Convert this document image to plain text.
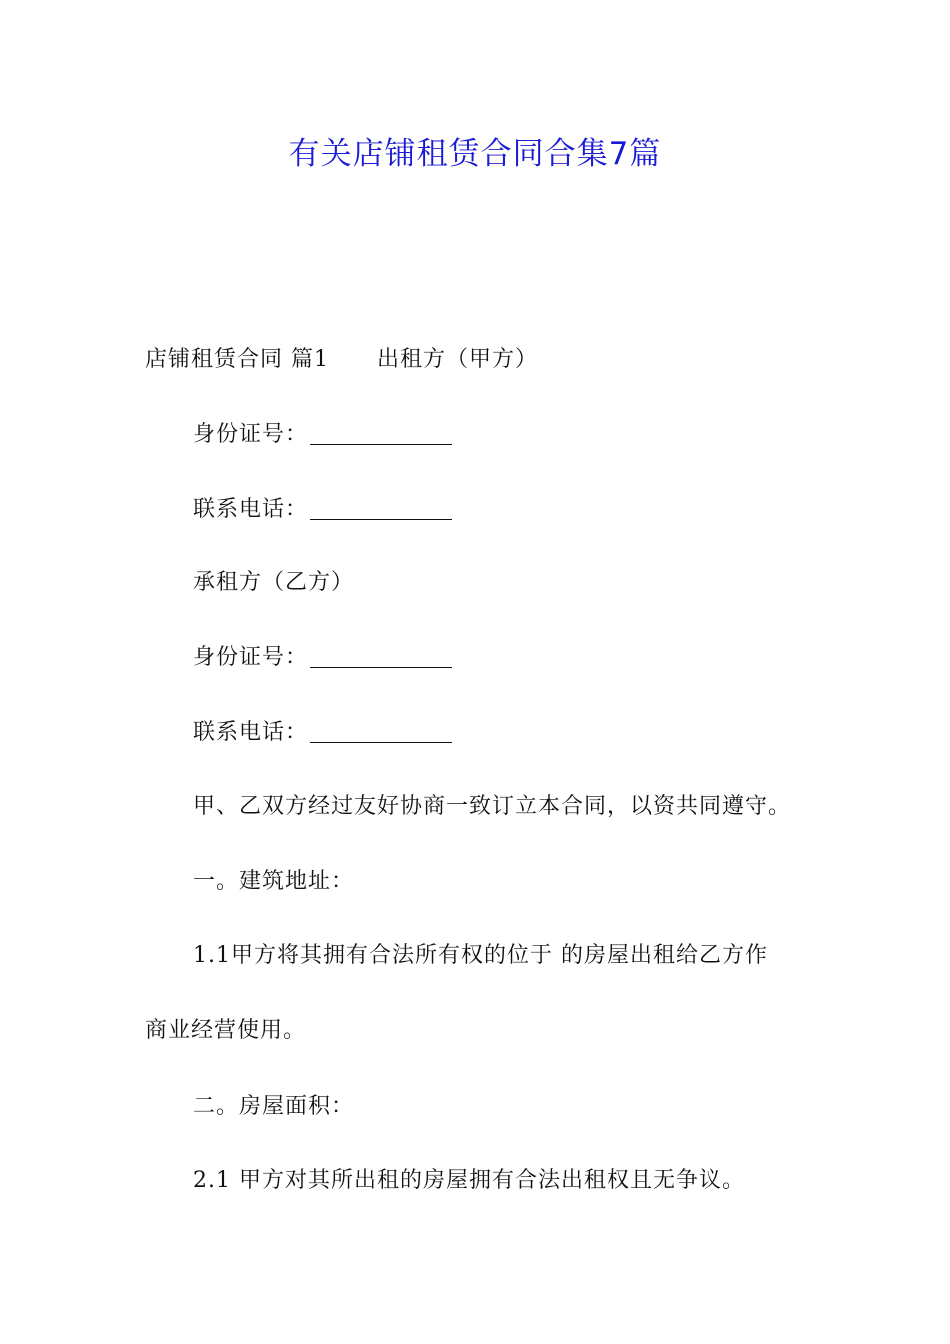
有关店铺租赁合同合集7篇
店铺租赁合同 篇1 出租方（甲方）
身份证号：
联系电话：
承租方（乙方）
身份证号：
联系电话：
甲、乙双方经过友好协商一致订立本合同，以资共同遵守。
一。建筑地址：
1.1甲方将其拥有合法所有权的位于 的房屋出租给乙方作
商业经营使用。
二。房屋面积：
2.1 甲方对其所出租的房屋拥有合法出租权且无争议。
